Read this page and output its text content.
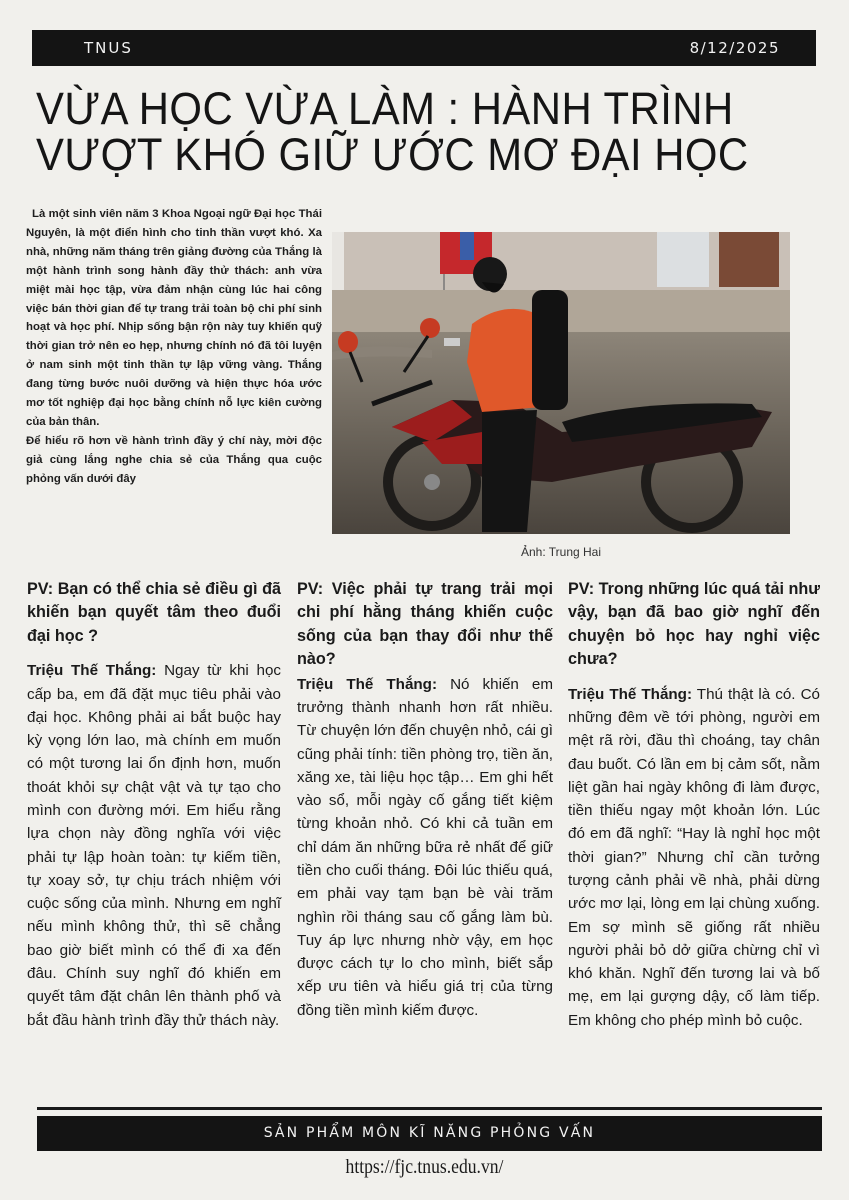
TNUS	8/12/2025
VỪA HỌC VỪA LÀM : HÀNH TRÌNH
VƯỢT KHÓ GIỮ ƯỚC MƠ ĐẠI HỌC

Là một sinh viên năm 3 Khoa Ngoại ngữ Đại học Thái Nguyên, là một điển hình cho tinh thần vượt khó. Xa nhà, những năm tháng trên giảng đường của Thắng là một hành trình song hành đầy thử thách: anh vừa miệt mài học tập, vừa đảm nhận cùng lúc hai công việc bán thời gian để tự trang trải toàn bộ chi phí sinh hoạt và học phí. Nhịp sống bận rộn này tuy khiến quỹ thời gian trở nên eo hẹp, nhưng chính nó đã tôi luyện ở nam sinh một tinh thần tự lập vững vàng. Thắng đang từng bước nuôi dưỡng và hiện thực hóa ước mơ tốt nghiệp đại học bằng chính nỗ lực kiên cường của bản thân.

Để hiểu rõ hơn về hành trình đầy ý chí này, mời độc giả cùng lắng nghe chia sẻ của Thắng qua cuộc phỏng vấn dưới đây

Ảnh: Trung Hai

PV: Bạn có thể chia sẻ điều gì đã khiến bạn quyết tâm theo đuổi đại học ?

Triệu Thế Thắng: Ngay từ khi học cấp ba, em đã đặt mục tiêu phải vào đại học. Không phải ai bắt buộc hay kỳ vọng lớn lao, mà chính em muốn có một tương lai ổn định hơn, muốn thoát khỏi sự chật vật và tự tạo cho mình con đường mới. Em hiểu rằng lựa chọn này đồng nghĩa với việc phải tự lập hoàn toàn: tự kiếm tiền, tự xoay sở, tự chịu trách nhiệm với cuộc sống của mình. Nhưng em nghĩ nếu mình không thử, thì sẽ chẳng bao giờ biết mình có thể đi xa đến đâu. Chính suy nghĩ đó khiến em quyết tâm đặt chân lên thành phố và bắt đầu hành trình đầy thử thách này.

PV: Việc phải tự trang trải mọi chi phí hằng tháng khiến cuộc sống của bạn thay đổi như thế nào?

Triệu Thế Thắng: Nó khiến em trưởng thành nhanh hơn rất nhiều. Từ chuyện lớn đến chuyện nhỏ, cái gì cũng phải tính: tiền phòng trọ, tiền ăn, xăng xe, tài liệu học tập… Em ghi hết vào sổ, mỗi ngày cố gắng tiết kiệm từng khoản nhỏ. Có khi cả tuần em chỉ dám ăn những bữa rẻ nhất để giữ tiền cho cuối tháng. Đôi lúc thiếu quá, em phải vay tạm bạn bè vài trăm nghìn rồi tháng sau cố gắng làm bù. Tuy áp lực nhưng nhờ vậy, em học được cách tự lo cho mình, biết sắp xếp ưu tiên và hiểu giá trị của từng đồng tiền mình kiếm được.

PV: Trong những lúc quá tải như vậy, bạn đã bao giờ nghĩ đến chuyện bỏ học hay nghỉ việc chưa?

Triệu Thế Thắng: Thú thật là có. Có những đêm về tới phòng, người em mệt rã rời, đầu thì choáng, tay chân đau buốt. Có lần em bị cảm sốt, nằm liệt gần hai ngày không đi làm được, tiền thiếu ngay một khoản lớn. Lúc đó em đã nghĩ: “Hay là nghỉ học một thời gian?” Nhưng chỉ cần tưởng tượng cảnh phải về nhà, phải dừng ước mơ lại, lòng em lại chùng xuống. Em sợ mình sẽ giống rất nhiều người phải bỏ dở giữa chừng chỉ vì khó khăn. Nghĩ đến tương lai và bố mẹ, em lại gượng dậy, cố làm tiếp. Em không cho phép mình bỏ cuộc.

SẢN PHẨM MÔN KĨ NĂNG PHỎNG VẤN
https://fjc.tnus.edu.vn/
